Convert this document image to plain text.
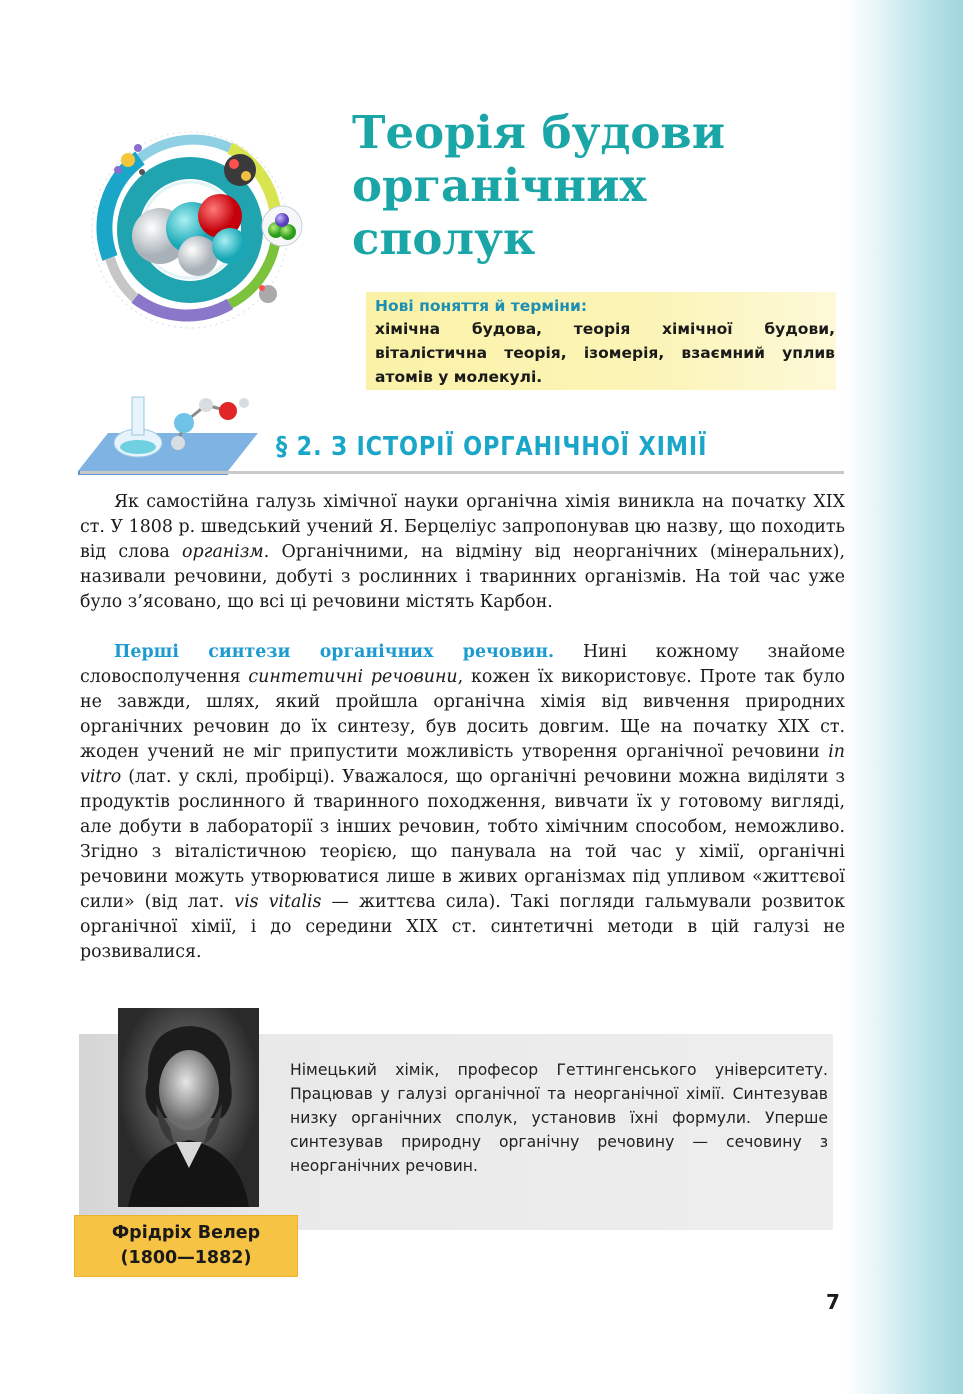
Теорія будови
органічних
сполук
Нові поняття й терміни:
хімічна будова, теорія хімічної будови, віталістична теорія, ізомерія, взаємний уплив атомів у молекулі.
§ 2. З ІСТОРІЇ ОРГАНІЧНОЇ ХІМІЇ
Як самостійна галузь хімічної науки органічна хімія виникла на початку XIX ст. У 1808 р. шведський учений Я. Берцеліус запропонував цю назву, що походить від слова організм. Органічними, на відміну від неорганічних (мінеральних), називали речовини, добуті з рослинних і тваринних організмів. На той час уже було з’ясовано, що всі ці речовини містять Карбон.
Перші синтези органічних речовин. Нині кожному знайоме словосполучення синтетичні речовини, кожен їх використовує. Проте так було не завжди, шлях, який пройшла органічна хімія від вивчення природних органічних речовин до їх синтезу, був досить довгим. Ще на початку XIX ст. жоден учений не міг припустити можливість утворення органічної речовини in vitro (лат. у склі, пробірці). Уважалося, що органічні речовини можна виділяти з продуктів рослинного й тваринного походження, вивчати їх у готовому вигляді, але добути в лабораторії з інших речовин, тобто хімічним способом, неможливо. Згідно з віталістичною теорією, що панувала на той час у хімії, органічні речовини можуть утворюватися лише в живих організмах під упливом «життєвої сили» (від лат. vis vitalis — життєва сила). Такі погляди гальмували розвиток органічної хімії, і до середини XIX ст. синтетичні методи в цій галузі не розвивалися.
Німецький хімік, професор Геттингенського університету. Працював у галузі органічної та неорганічної хімії. Синтезував низку органічних сполук, установив їхні формули. Уперше синтезував природну органічну речовину — сечовину з неорганічних речовин.
Фрідріх Велер
(1800—1882)
7
